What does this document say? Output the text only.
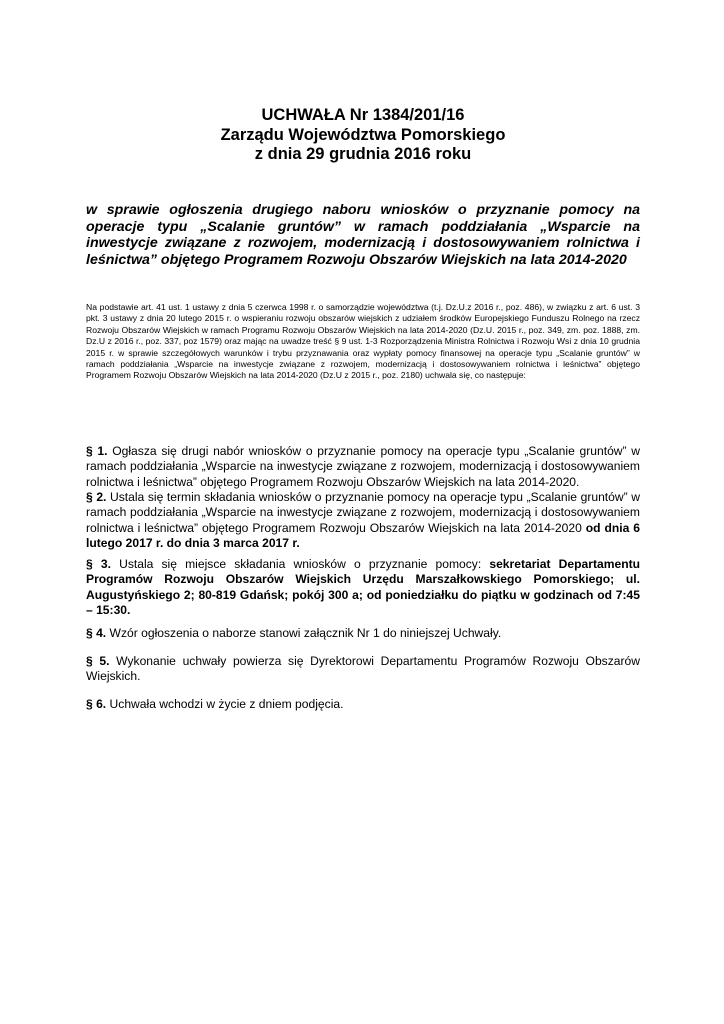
UCHWAŁA Nr 1384/201/16
Zarządu Województwa Pomorskiego
z dnia 29 grudnia 2016 roku
w sprawie ogłoszenia drugiego naboru wniosków o przyznanie pomocy na operacje typu „Scalanie gruntów” w ramach poddziałania „Wsparcie na inwestycje związane z rozwojem, modernizacją i dostosowywaniem rolnictwa i leśnictwa” objętego Programem Rozwoju Obszarów Wiejskich na lata 2014-2020
Na podstawie art. 41 ust. 1 ustawy z dnia 5 czerwca 1998 r. o samorządzie województwa (t.j. Dz.U.z 2016 r., poz. 486), w związku z art. 6 ust. 3 pkt. 3 ustawy z dnia 20 lutego 2015 r. o wspieraniu rozwoju obszarów wiejskich z udziałem środków Europejskiego Funduszu Rolnego na rzecz Rozwoju Obszarów Wiejskich w ramach Programu Rozwoju Obszarów Wiejskich na lata 2014-2020 (Dz.U. 2015 r., poz. 349, zm. poz. 1888, zm. Dz.U z 2016 r., poz. 337, poz 1579) oraz mając na uwadze treść § 9 ust. 1-3 Rozporządzenia Ministra Rolnictwa i Rozwoju Wsi z dnia 10 grudnia 2015 r. w sprawie szczegółowych warunków i trybu przyznawania oraz wypłaty pomocy finansowej na operacje typu „Scalanie gruntów” w ramach poddziałania „Wsparcie na inwestycje związane z rozwojem, modernizacją i dostosowywaniem rolnictwa i leśnictwa” objętego Programem Rozwoju Obszarów Wiejskich na lata 2014-2020 (Dz.U z 2015 r., poz. 2180) uchwala się, co następuje:

§ 1. Ogłasza się drugi nabór wniosków o przyznanie pomocy na operacje typu „Scalanie gruntów” w ramach poddziałania „Wsparcie na inwestycje związane z rozwojem, modernizacją i dostosowywaniem rolnictwa i leśnictwa” objętego Programem Rozwoju Obszarów Wiejskich na lata 2014-2020.

§ 2. Ustala się termin składania wniosków o przyznanie pomocy na operacje typu „Scalanie gruntów” w ramach poddziałania „Wsparcie na inwestycje związane z rozwojem, modernizacją i dostosowywaniem rolnictwa i leśnictwa” objętego Programem Rozwoju Obszarów Wiejskich na lata 2014-2020 od dnia 6 lutego 2017 r. do dnia 3 marca 2017 r.

§ 3. Ustala się miejsce składania wniosków o przyznanie pomocy: sekretariat Departamentu Programów Rozwoju Obszarów Wiejskich Urzędu Marszałkowskiego Pomorskiego; ul. Augustyńskiego 2; 80-819 Gdańsk; pokój 300 a; od poniedziałku do piątku w godzinach od 7:45 – 15:30.

§ 4. Wzór ogłoszenia o naborze stanowi załącznik Nr 1 do niniejszej Uchwały.

§ 5. Wykonanie uchwały powierza się Dyrektorowi Departamentu Programów Rozwoju Obszarów Wiejskich.

§ 6. Uchwała wchodzi w życie z dniem podjęcia.
